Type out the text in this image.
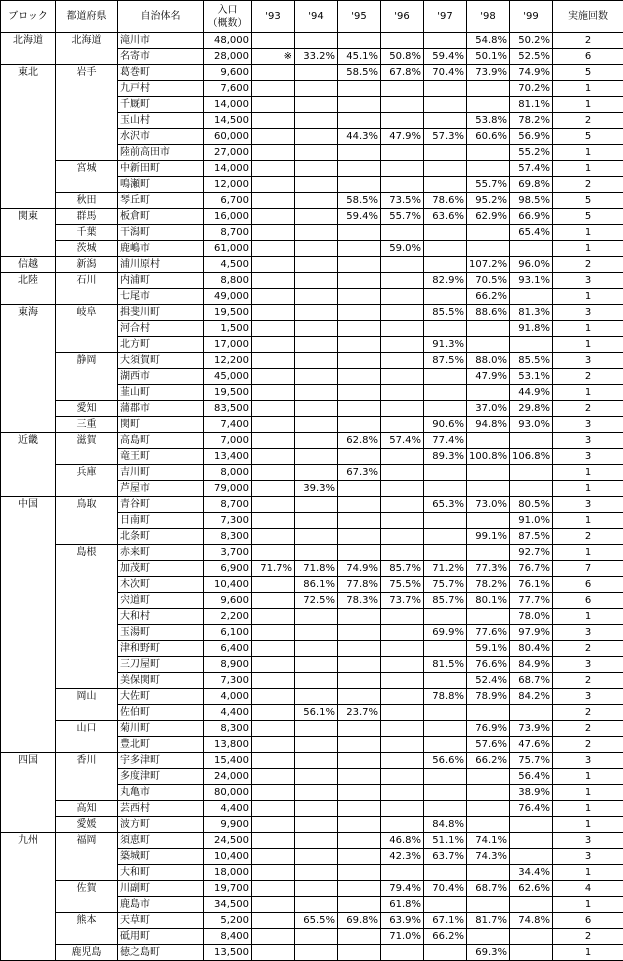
ブロック	都道府県	自治体名	入口
（概数）	'93	'94	'95	'96	'97	'98	'99	実施回数
北海道	北海道	滝川市	48,000						54.8%	50.2%	2
		名寄市	28,000	※	33.2%	45.1%	50.8%	59.4%	50.1%	52.5%	6
東北	岩手	葛巻町	9,600			58.5%	67.8%	70.4%	73.9%	74.9%	5
		九戸村	7,600							70.2%	1
		千厩町	14,000							81.1%	1
		玉山村	14,500						53.8%	78.2%	2
		水沢市	60,000			44.3%	47.9%	57.3%	60.6%	56.9%	5
		陸前高田市	27,000							55.2%	1
	宮城	中新田町	14,000							57.4%	1
		鳴瀬町	12,000						55.7%	69.8%	2
	秋田	琴丘町	6,700			58.5%	73.5%	78.6%	95.2%	98.5%	5
関東	群馬	板倉町	16,000			59.4%	55.7%	63.6%	62.9%	66.9%	5
	千葉	干潟町	8,700							65.4%	1
	茨城	鹿嶋市	61,000				59.0%				1
信越	新潟	浦川原村	4,500						107.2%	96.0%	2
北陸	石川	内浦町	8,800					82.9%	70.5%	93.1%	3
		七尾市	49,000						66.2%		1
東海	岐阜	揖斐川町	19,500					85.5%	88.6%	81.3%	3
		河合村	1,500							91.8%	1
		北方町	17,000					91.3%			1
	静岡	大須賀町	12,200					87.5%	88.0%	85.5%	3
		湖西市	45,000						47.9%	53.1%	2
		韮山町	19,500							44.9%	1
	愛知	蒲郡市	83,500						37.0%	29.8%	2
	三重	関町	7,400					90.6%	94.8%	93.0%	3
近畿	滋賀	高島町	7,000			62.8%	57.4%	77.4%			3
		竜王町	13,400					89.3%	100.8%	106.8%	3
	兵庫	吉川町	8,000			67.3%					1
		芦屋市	79,000		39.3%						1
中国	鳥取	青谷町	8,700					65.3%	73.0%	80.5%	3
		日南町	7,300							91.0%	1
		北条町	8,300						99.1%	87.5%	2
	島根	赤来町	3,700							92.7%	1
		加茂町	6,900	71.7%	71.8%	74.9%	85.7%	71.2%	77.3%	76.7%	7
		木次町	10,400		86.1%	77.8%	75.5%	75.7%	78.2%	76.1%	6
		宍道町	9,600		72.5%	78.3%	73.7%	85.7%	80.1%	77.7%	6
		大和村	2,200							78.0%	1
		玉湯町	6,100					69.9%	77.6%	97.9%	3
		津和野町	6,400						59.1%	80.4%	2
		三刀屋町	8,900					81.5%	76.6%	84.9%	3
		美保関町	7,300						52.4%	68.7%	2
	岡山	大佐町	4,000					78.8%	78.9%	84.2%	3
		佐伯町	4,400		56.1%	23.7%					2
	山口	菊川町	8,300						76.9%	73.9%	2
		豊北町	13,800						57.6%	47.6%	2
四国	香川	宇多津町	15,400					56.6%	66.2%	75.7%	3
		多度津町	24,000							56.4%	1
		丸亀市	80,000							38.9%	1
	高知	芸西村	4,400							76.4%	1
	愛媛	波方町	9,900					84.8%			1
九州	福岡	須恵町	24,500				46.8%	51.1%	74.1%		3
		築城町	10,400				42.3%	63.7%	74.3%		3
		大和町	18,000							34.4%	1
	佐賀	川副町	19,700				79.4%	70.4%	68.7%	62.6%	4
		鹿島市	34,500				61.8%				1
	熊本	天草町	5,200		65.5%	69.8%	63.9%	67.1%	81.7%	74.8%	6
		砥用町	8,400				71.0%	66.2%			2
	鹿児島	徳之島町	13,500						69.3%		1
